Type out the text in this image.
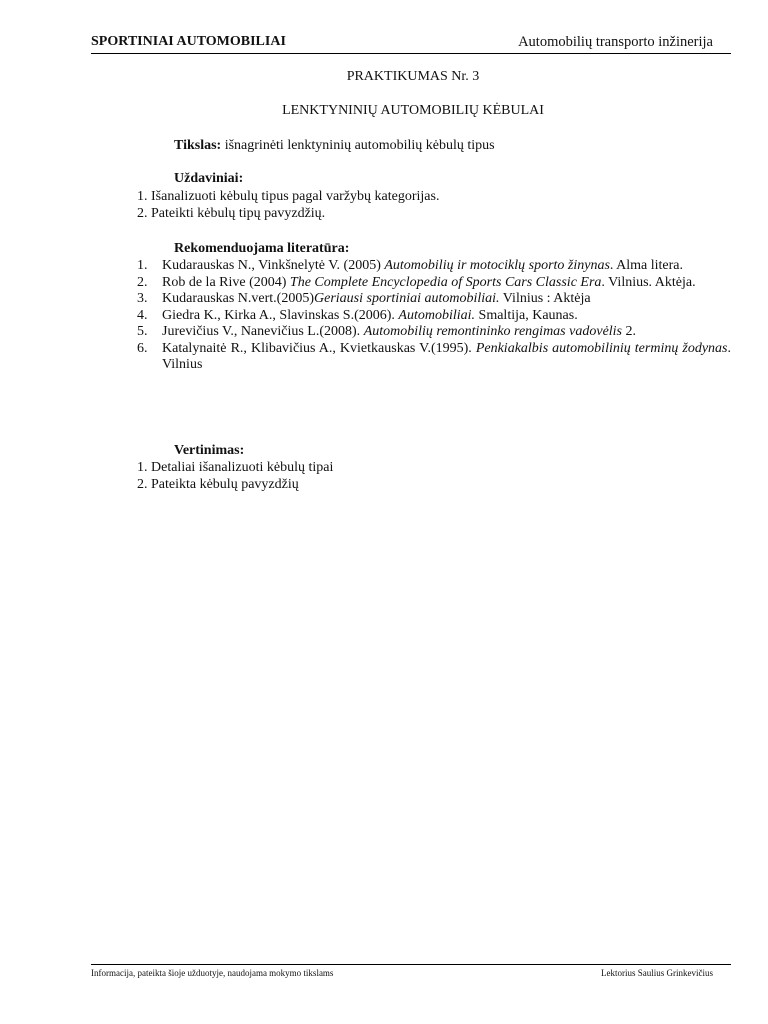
SPORTINIAI AUTOMOBILIAI	Automobilių transporto inžinerija
PRAKTIKUMAS Nr. 3
LENKTYNINIŲ AUTOMOBILIŲ KĖBULAI
Tikslas: išnagrinėti lenktyninių automobilių kėbulų tipus
Uždaviniai:
1. Išanalizuoti kėbulų tipus pagal varžybų kategorijas.
2. Pateikti kėbulų tipų pavyzdžių.
Rekomenduojama literatūra:

1. Kudarauskas N., Vinkšnelytė V. (2005) Automobilių ir motociklų sporto žinynas. Alma litera.

2. Rob de la Rive (2004) The Complete Encyclopedia of Sports Cars Classic Era. Vilnius. Aktėja.

3. Kudarauskas N.vert.(2005)Geriausi sportiniai automobiliai. Vilnius : Aktėja

4. Giedra K., Kirka A., Slavinskas S.(2006). Automobiliai. Smaltija, Kaunas.

5. Jurevičius V., Nanevičius L.(2008). Automobilių remontininko rengimas vadovėlis 2.

6. Katalynaitė R., Klibavičius A., Kvietkauskas V.(1995). Penkiakalbis automobilinių terminų žodynas. Vilnius

Vertinimas:
1. Detaliai išanalizuoti kėbulų tipai
2. Pateikta kėbulų pavyzdžių
Informacija, pateikta šioje užduotyje, naudojama mokymo tikslams	Lektorius Saulius Grinkevičius
